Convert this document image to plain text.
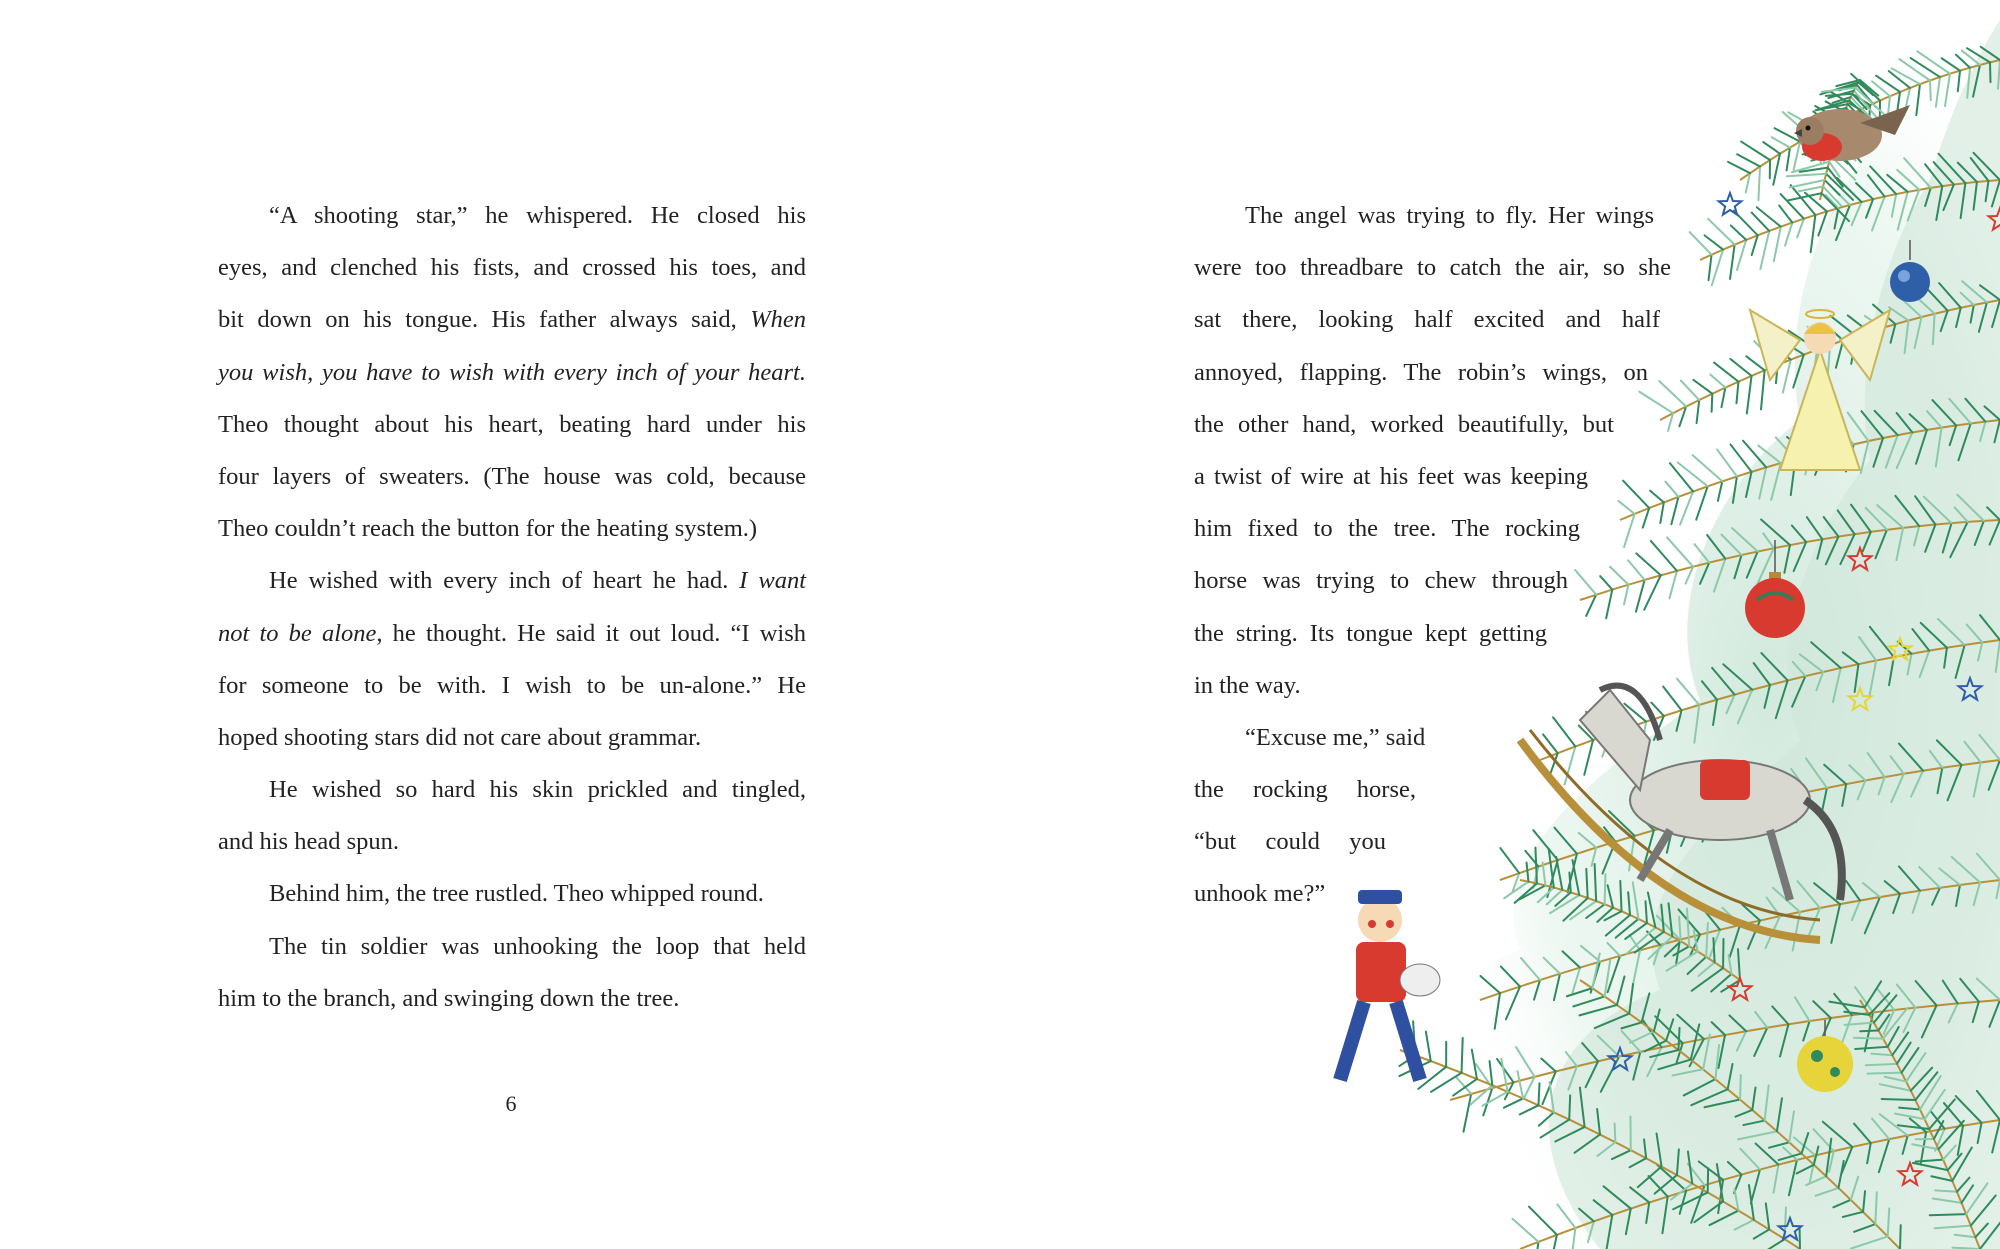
“A shooting star,” he whispered. He closed his
eyes, and clenched his fists, and crossed his toes, and
bit down on his tongue. His father always said, When
you wish, you have to wish with every inch of your heart.
Theo thought about his heart, beating hard under his
four layers of sweaters. (The house was cold, because
Theo couldn’t reach the button for the heating system.)
He wished with every inch of heart he had. I want
not to be alone, he thought. He said it out loud. “I wish
for someone to be with. I wish to be un-alone.” He
hoped shooting stars did not care about grammar.
He wished so hard his skin prickled and tingled,
and his head spun.
Behind him, the tree rustled. Theo whipped round.
The tin soldier was unhooking the loop that held
him to the branch, and swinging down the tree.
6
The angel was trying to fly. Her wings
were too threadbare to catch the air, so she
sat there, looking half excited and half
annoyed, flapping. The robin’s wings, on
the other hand, worked beautifully, but
a twist of wire at his feet was keeping
him fixed to the tree. The rocking
horse was trying to chew through
the string. Its tongue kept getting
in the way.
“Excuse me,” said
the rocking horse,
“but could you
unhook me?”
